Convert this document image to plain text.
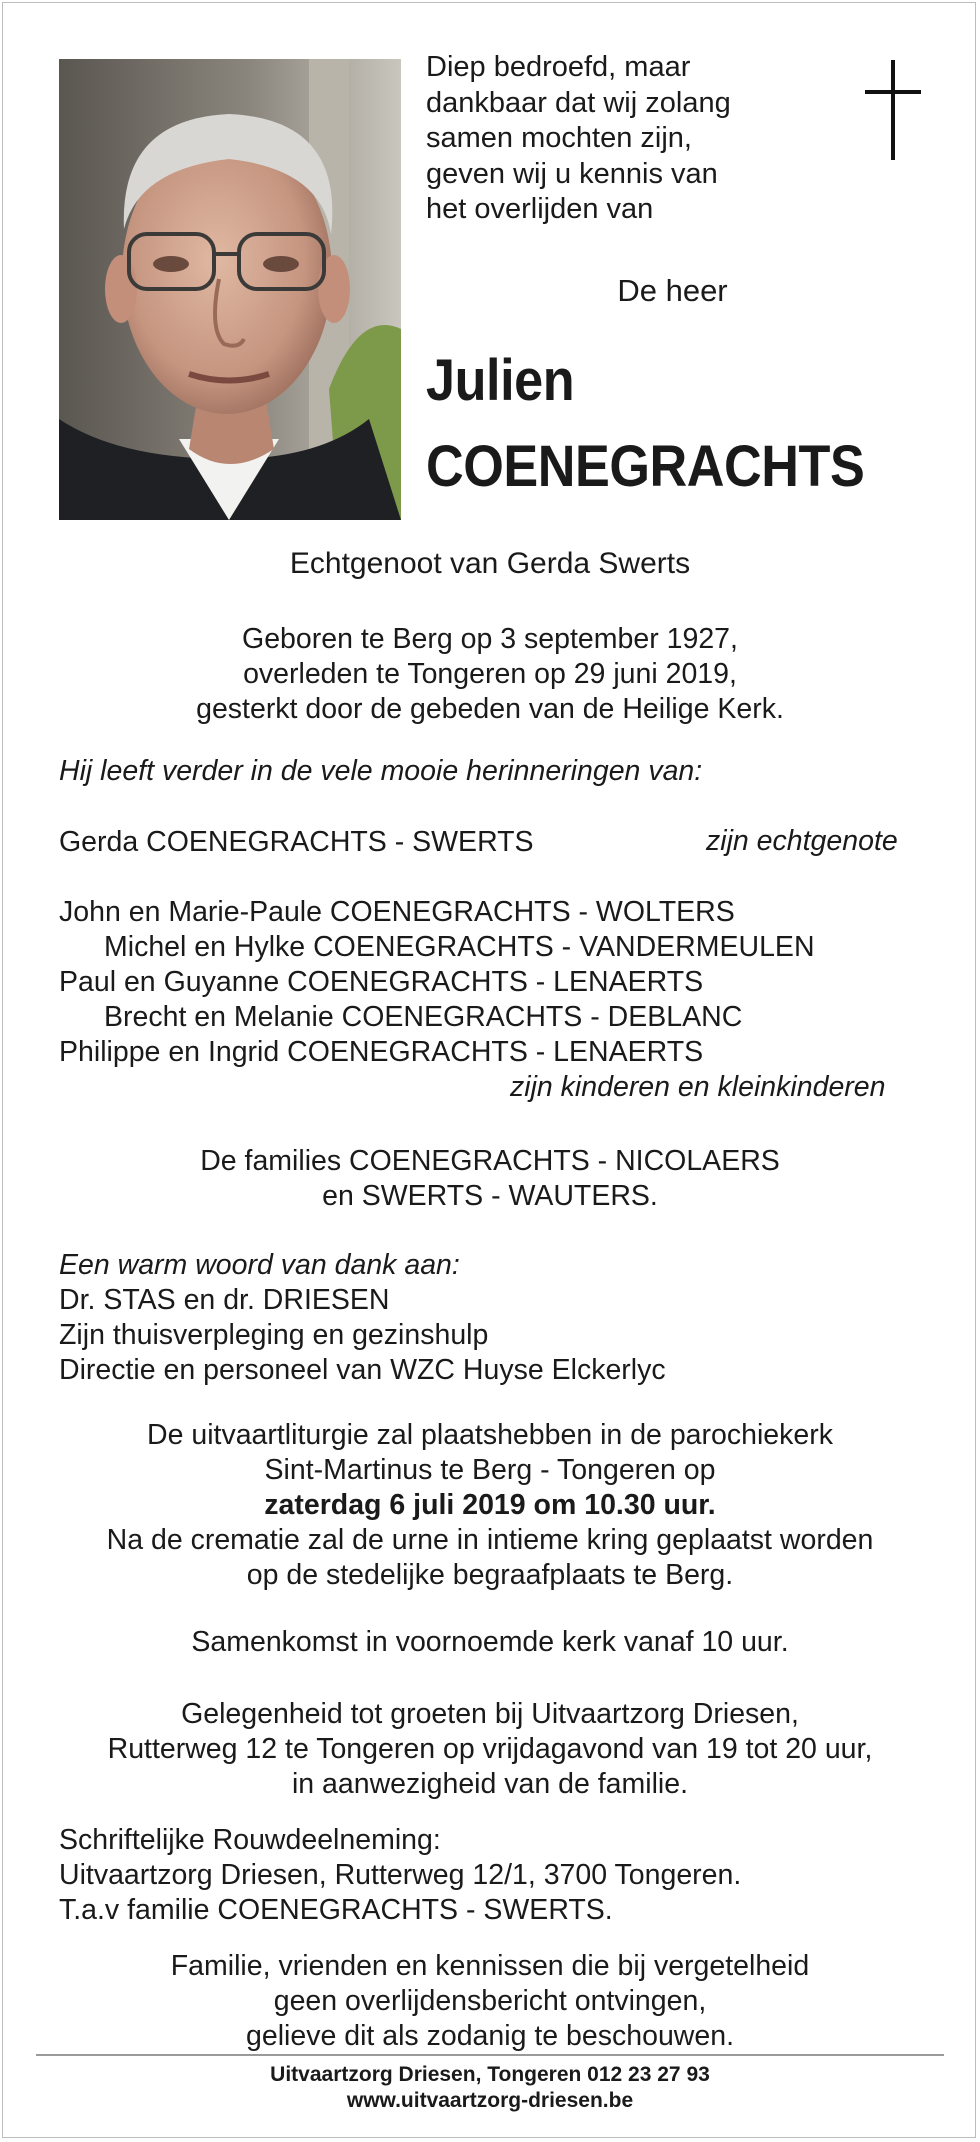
Diep bedroefd, maar
dankbaar dat wij zolang
samen mochten zijn,
geven wij u kennis van
het overlijden van
De heer
Julien
COENEGRACHTS
Echtgenoot van Gerda Swerts
Geboren te Berg op 3 september 1927,
overleden te Tongeren op 29 juni 2019,
gesterkt door de gebeden van de Heilige Kerk.
Hij leeft verder in de vele mooie herinneringen van:
Gerda COENEGRACHTS - SWERTS	zijn echtgenote
John en Marie-Paule COENEGRACHTS - WOLTERS
Michel en Hylke COENEGRACHTS - VANDERMEULEN
Paul en Guyanne COENEGRACHTS - LENAERTS
Brecht en Melanie COENEGRACHTS - DEBLANC
Philippe en Ingrid COENEGRACHTS - LENAERTS
zijn kinderen en kleinkinderen
De families COENEGRACHTS - NICOLAERS
en SWERTS - WAUTERS.
Een warm woord van dank aan:
Dr. STAS en dr. DRIESEN
Zijn thuisverpleging en gezinshulp
Directie en personeel van WZC Huyse Elckerlyc
De uitvaartliturgie zal plaatshebben in de parochiekerk
Sint-Martinus te Berg - Tongeren op
zaterdag 6 juli 2019 om 10.30 uur.
Na de crematie zal de urne in intieme kring geplaatst worden
op de stedelijke begraafplaats te Berg.
Samenkomst in voornoemde kerk vanaf 10 uur.
Gelegenheid tot groeten bij Uitvaartzorg Driesen,
Rutterweg 12 te Tongeren op vrijdagavond van 19 tot 20 uur,
in aanwezigheid van de familie.
Schriftelijke Rouwdeelneming:
Uitvaartzorg Driesen, Rutterweg 12/1, 3700 Tongeren.
T.a.v familie COENEGRACHTS - SWERTS.
Familie, vrienden en kennissen die bij vergetelheid
geen overlijdensbericht ontvingen,
gelieve dit als zodanig te beschouwen.
Uitvaartzorg Driesen, Tongeren 012 23 27 93
www.uitvaartzorg-driesen.be
